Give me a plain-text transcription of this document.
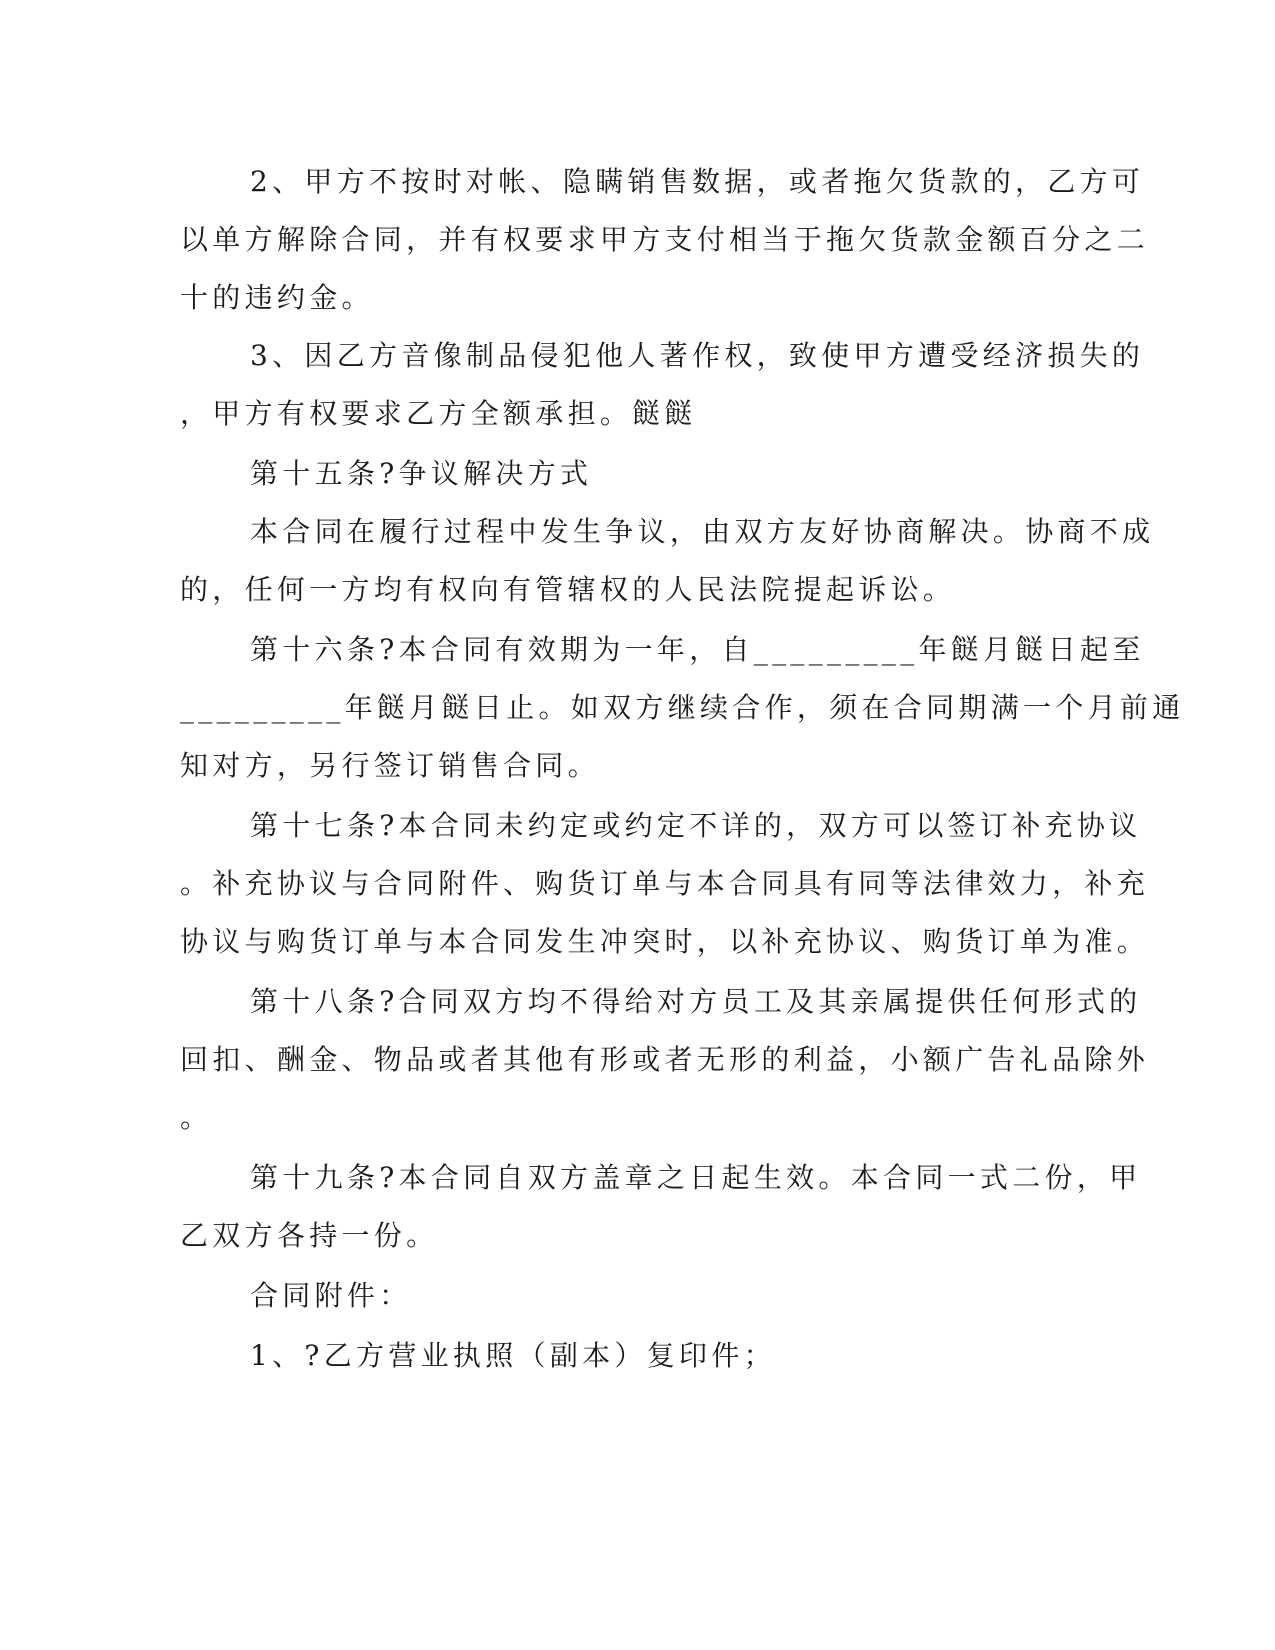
2、甲方不按时对帐、隐瞒销售数据，或者拖欠货款的，乙方可

以单方解除合同，并有权要求甲方支付相当于拖欠货款金额百分之二

十的违约金。

3、因乙方音像制品侵犯他人著作权，致使甲方遭受经济损失的

，甲方有权要求乙方全额承担。餸餸

第十五条?争议解决方式

本合同在履行过程中发生争议，由双方友好协商解决。协商不成

的，任何一方均有权向有管辖权的人民法院提起诉讼。

第十六条?本合同有效期为一年，自_________年餸月餸日起至

_________年餸月餸日止。如双方继续合作，须在合同期满一个月前通

知对方，另行签订销售合同。

第十七条?本合同未约定或约定不详的，双方可以签订补充协议

。补充协议与合同附件、购货订单与本合同具有同等法律效力，补充

协议与购货订单与本合同发生冲突时，以补充协议、购货订单为准。

第十八条?合同双方均不得给对方员工及其亲属提供任何形式的

回扣、酬金、物品或者其他有形或者无形的利益，小额广告礼品除外

。

第十九条?本合同自双方盖章之日起生效。本合同一式二份，甲

乙双方各持一份。

合同附件：

1、?乙方营业执照（副本）复印件；
